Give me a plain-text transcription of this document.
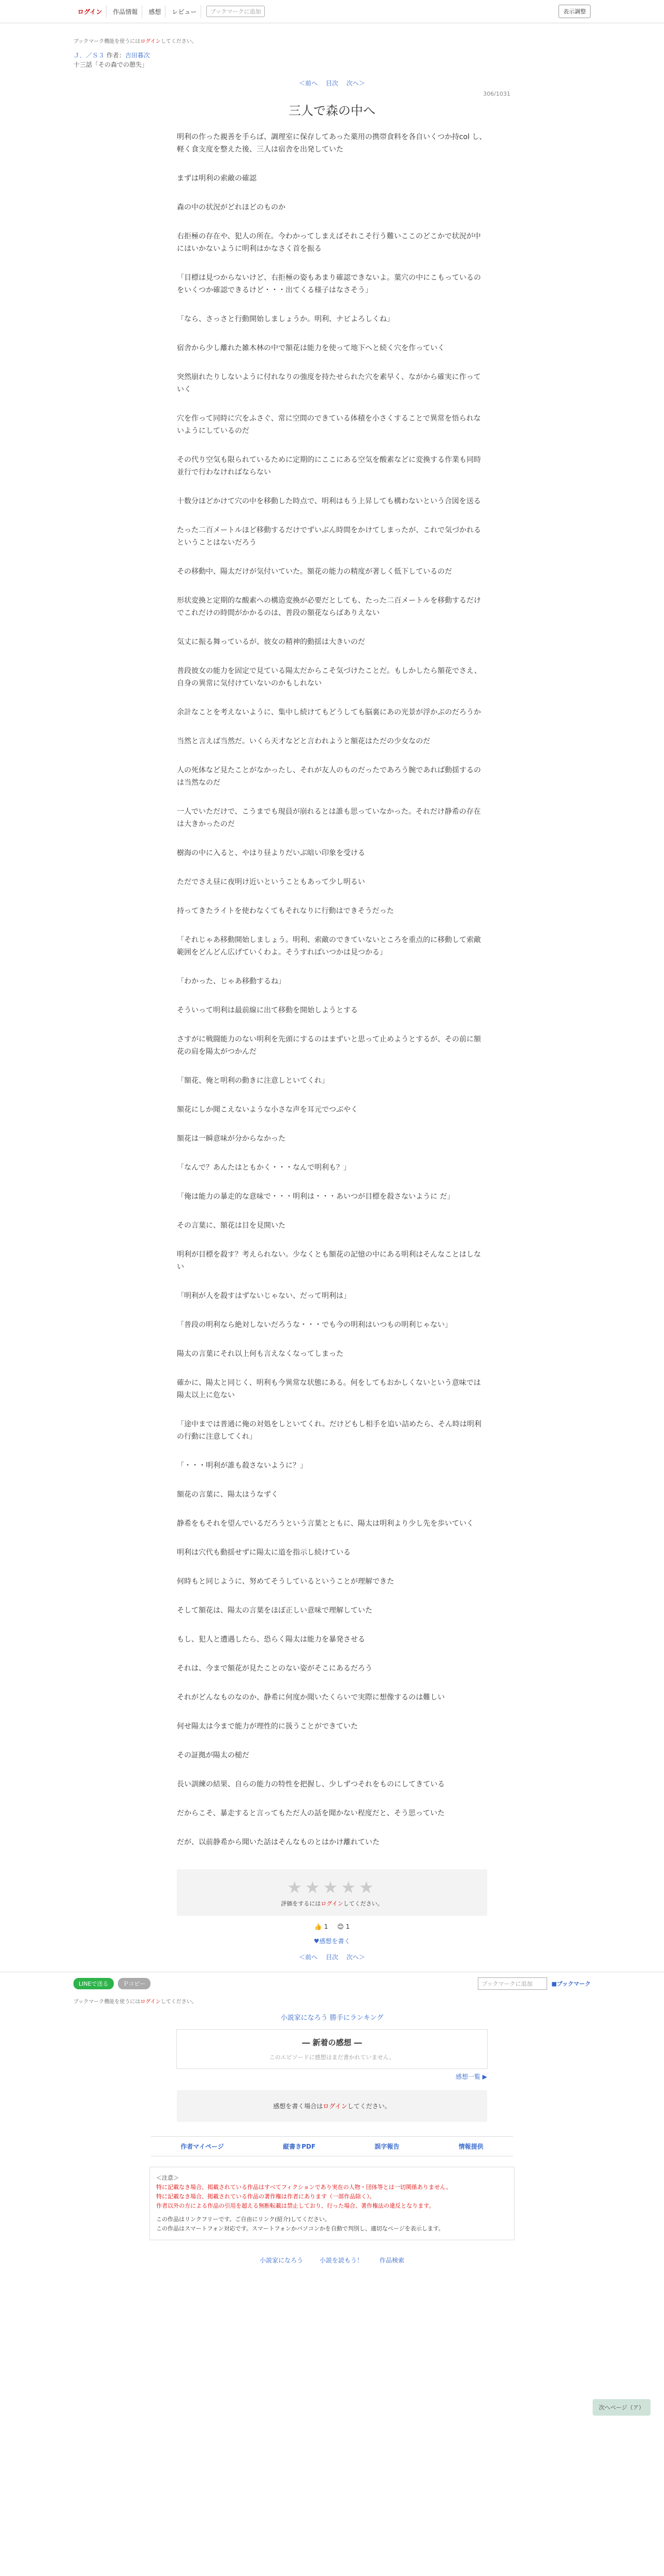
ログイン	作品情報	感想	レビュー	ブックマークに追加	表示調整
ブックマーク機能を使うにはログインしてください。
Ｊ．／Ｓ３ 作者：吉田暮次
十三話「その森での憩失」
＜前へ 目次 次へ＞
306/1031
三人で森の中へ

明利の作った親善を手らば、調理室に保存してあった薬用の携帯食料を各自いくつか持col し、軽く食支度を整えた後、三人は宿舎を出発していた

まずは明利の索敵の確認

森の中の状況がどれほどのものか

右拒極の存在や、犯人の所在。今わかってしまえばそれこそ行う難いここのどこかで状況が中にはいかないように明利はかなさく首を振る

「目標は見つからないけど、右拒極の姿もあまり確認できないよ。葉穴の中にこもっているのをいくつか確認できるけど・・・出てくる様子はなさそう」

「なら、さっさと行動開始しましょうか。明利、ナビよろしくね」

宿舎から少し離れた雑木林の中で額花は能力を使って地下へと続く穴を作っていく

突然崩れたりしないように付れなりの強度を持たせられた穴を素早く、ながから確実に作っていく

穴を作って同時に穴をふさぐ、常に空間のできている体積を小さくすることで異常を悟られないようにしているのだ

その代り空気も限られているために定期的にここにある空気を酸素などに変換する作業も同時並行で行わなければならない

十数分ほどかけて穴の中を移動した時点で、明利はもう上昇しても構わないという合図を送る

たった二百メートルほど移動するだけでずいぶん時間をかけてしまったが、これで気づかれるということはないだろう

その移動中、陽太だけが気付いていた。額花の能力の精度が著しく低下しているのだ

形状変換と定期的な酸素への構造変換が必要だとしても、たった二百メートルを移動するだけでこれだけの時間がかかるのは、普段の額花ならばありえない

気丈に振る舞っているが、彼女の精神的動揺は大きいのだ

普段彼女の能力を固定で見ている陽太だからこそ気づけたことだ。もしかしたら額花でさえ、自身の異常に気付けていないのかもしれない

余計なことを考えないように、集中し続けてもどうしても脳裏にあの光景が浮かぶのだろうか

当然と言えば当然だ。いくら天才などと言われようと額花はただの少女なのだ

人の死体など見たことがなかったし、それが友人のものだったであろう腕であれば動揺するのは当然なのだ

一人でいただけで、こうまでも現員が崩れるとは誰も思っていなかった。それだけ静希の存在は大きかったのだ

樹海の中に入ると、やはり昼よりだいぶ暗い印象を受ける

ただでさえ昼に夜明け近いということもあって少し明るい

持ってきたライトを使わなくてもそれなりに行動はできそうだった

「それじゃあ移動開始しましょう。明利、索敵のできていないところを重点的に移動して索敵範囲をどんどん広げていくわよ。そうすればいつかは見つかる」

「わかった、じゃあ移動するね」

そういって明利は最前線に出て移動を開始しようとする

さすがに戦闘能力のない明利を先頭にするのはまずいと思って止めようとするが、その前に額花の肩を陽太がつかんだ

「額花、俺と明利の動きに注意しといてくれ」

額花にしか聞こえないような小さな声を耳元でつぶやく

額花は一瞬意味が分からなかった

「なんで？あんたはともかく・・・なんで明利も？」

「俺は能力の暴走的な意味で・・・明利は・・・あいつが目標を殺さないように だ」

その言葉に、額花は目を見開いた

明利が目標を殺す？考えられない。少なくとも額花の記憶の中にある明利はそんなことはしない

「明利が人を殺すはずないじゃない、だって明利は」

「普段の明利なら絶対しないだろうな・・・でも今の明利はいつもの明利じゃない」

陽太の言葉にそれ以上何も言えなくなってしまった

確かに、陽太と同じく、明利も今異常な状態にある。何をしてもおかしくないという意味では陽太以上に危ない

「途中までは普通に俺の対処をしといてくれ。だけどもし相手を追い詰めたら、そん時は明利の行動に注意してくれ」

「・・・明利が誰も殺さないように？」

額花の言葉に、陽太はうなずく

静希をもそれを望んでいるだろうという言葉とともに、陽太は明利より少し先を歩いていく

明利は穴代も動揺せずに陽太に道を指示し続けている

何時もと同じように、努めてそうしているということが理解できた

そして額花は、陽太の言葉をほぼ正しい意味で理解していた

もし、犯人と遭遇したら、恐らく陽太は能力を暴発させる

それは、今まで額花が見たことのない姿がそこにあるだろう

それがどんなものなのか、静希に何度か聞いたくらいで実際に想像するのは難しい

何せ陽太は今まで能力が理性的に扱うことができていた

その証拠が陽太の槌だ

長い訓練の結果、自らの能力の特性を把握し、少しずつそれをものにしてきている

だからこそ、暴走すると言ってもただ人の話を聞かない程度だと、そう思っていた

だが、以前静希から聞いた話はそんなものとはかけ離れていた

次へページ（ア）
★★★★★
評価をするにはログインしてください。
👍 1 😊 1
♥感想を書く
＜前へ 目次 次へ＞
LINEで送る	Ｐコピー	ブックマークに追加	■ブックマーク
ブックマーク機能を使うにはログインしてください。
小説家になろう 勝手にランキング
― 新着の感想 ―
このエピソードに感想はまだ書かれていません。
感想一覧 ▶
感想を書く場合はログインしてください。
作者マイページ	縦書きPDF	誤字報告	情報提供
＜注意＞
特に記載なき場合、掲載されている作品はすべてフィクションであり実在の人物・団体等とは一切関係ありません。
特に記載なき場合、掲載されている作品の著作権は作者にあります（一部作品除く）。
作者以外の方による作品の引用を超える無断転載は禁止しており、行った場合、著作権法の違反となります。
この作品はリンクフリーです。ご自由にリンク(紹介)してください。
この作品はスマートフォン対応です。スマートフォンかパソコンかを自動で判別し、適切なページを表示します。
小説家になろう	小説を読もう！	作品検索
